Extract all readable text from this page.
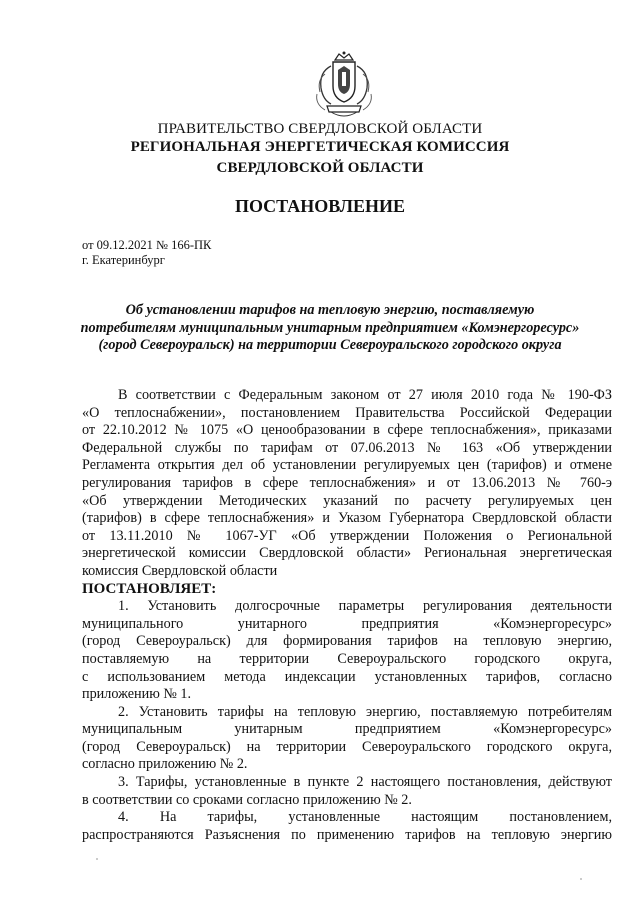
ПРАВИТЕЛЬСТВО СВЕРДЛОВСКОЙ ОБЛАСТИ
РЕГИОНАЛЬНАЯ ЭНЕРГЕТИЧЕСКАЯ КОМИССИЯ
СВЕРДЛОВСКОЙ ОБЛАСТИ
ПОСТАНОВЛЕНИЕ
от 09.12.2021 № 166-ПК
г. Екатеринбург
Об установлении тарифов на тепловую энергию, поставляемую
потребителям муниципальным унитарным предприятием «Комэнергоресурс»
(город Североуральск) на территории Североуральского городского округа
В соответствии с Федеральным законом от 27 июля 2010 года № 190-ФЗ
«О теплоснабжении», постановлением Правительства Российской Федерации
от 22.10.2012 № 1075 «О ценообразовании в сфере теплоснабжения», приказами
Федеральной службы по тарифам от 07.06.2013 № 163 «Об утверждении
Регламента открытия дел об установлении регулируемых цен (тарифов) и отмене
регулирования тарифов в сфере теплоснабжения» и от 13.06.2013 № 760-э
«Об утверждении Методических указаний по расчету регулируемых цен
(тарифов) в сфере теплоснабжения» и Указом Губернатора Свердловской области
от 13.11.2010 № 1067-УГ «Об утверждении Положения о Региональной
энергетической комиссии Свердловской области» Региональная энергетическая
комиссия Свердловской области
ПОСТАНОВЛЯЕТ:
1. Установить долгосрочные параметры регулирования деятельности
муниципального унитарного предприятия «Комэнергоресурс»
(город Североуральск) для формирования тарифов на тепловую энергию,
поставляемую на территории Североуральского городского округа,
с использованием метода индексации установленных тарифов, согласно
приложению № 1.
2. Установить тарифы на тепловую энергию, поставляемую потребителям
муниципальным унитарным предприятием «Комэнергоресурс»
(город Североуральск) на территории Североуральского городского округа,
согласно приложению № 2.
3. Тарифы, установленные в пункте 2 настоящего постановления, действуют
в соответствии со сроками согласно приложению № 2.
4. На тарифы, установленные настоящим постановлением,
распространяются Разъяснения по применению тарифов на тепловую энергию
